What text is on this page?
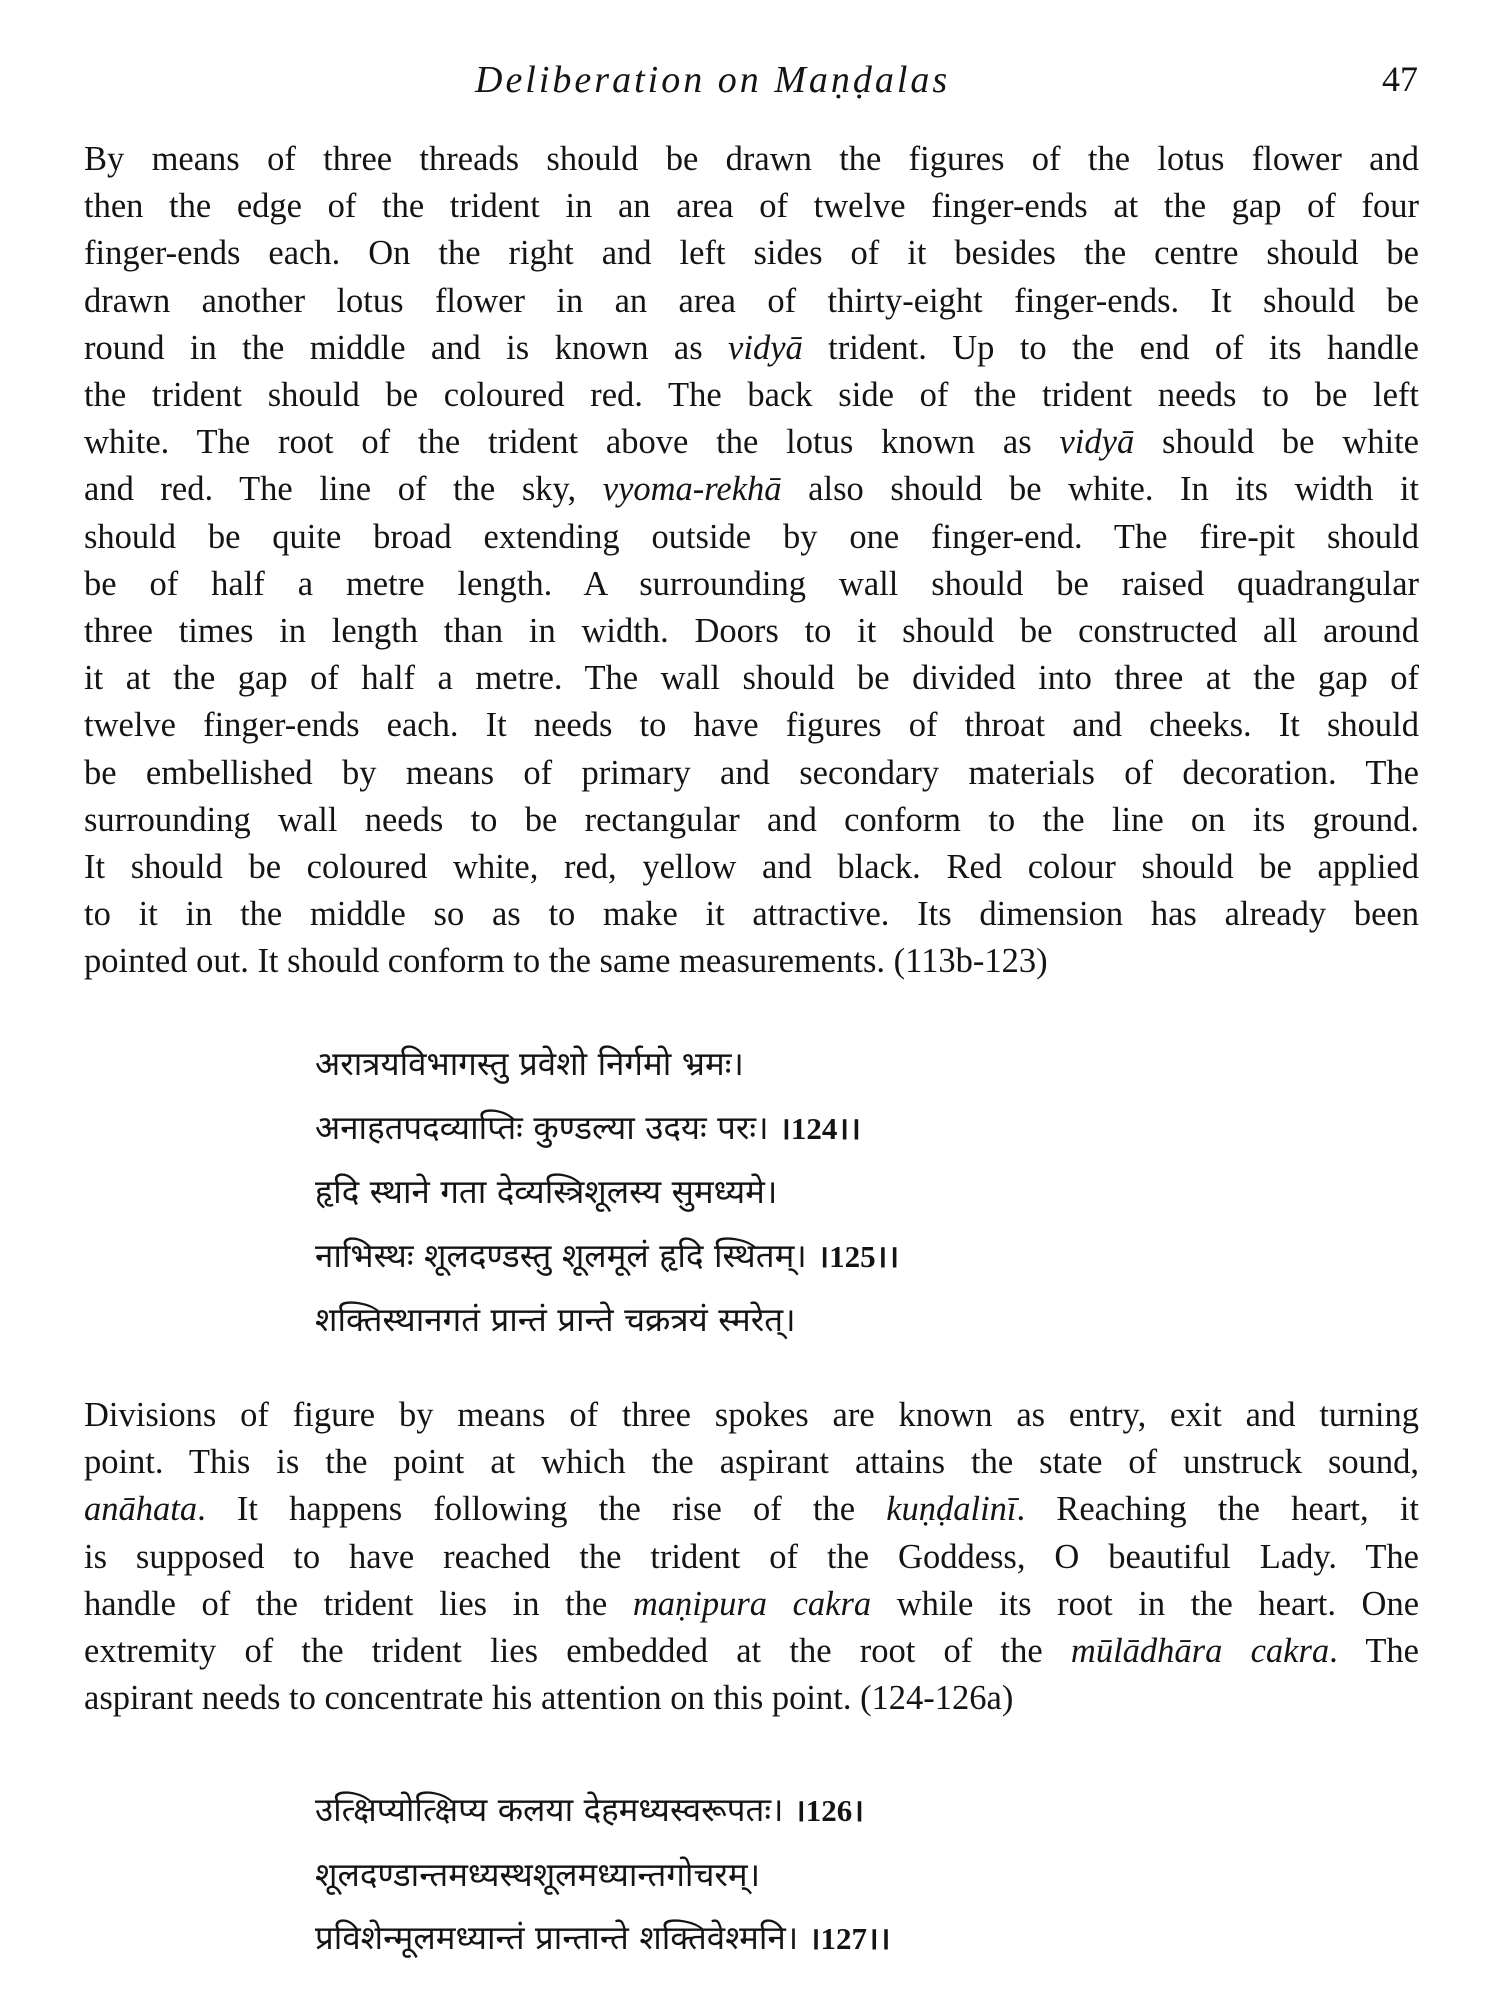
Deliberation on Maṇḍalas	47
By means of three threads should be drawn the figures of the lotus flower and
then the edge of the trident in an area of twelve finger-ends at the gap of four
finger-ends each. On the right and left sides of it besides the centre should be
drawn another lotus flower in an area of thirty-eight finger-ends. It should be
round in the middle and is known as vidyā trident. Up to the end of its handle
the trident should be coloured red. The back side of the trident needs to be left
white. The root of the trident above the lotus known as vidyā should be white
and red. The line of the sky, vyoma-rekhā also should be white. In its width it
should be quite broad extending outside by one finger-end. The fire-pit should
be of half a metre length. A surrounding wall should be raised quadrangular
three times in length than in width. Doors to it should be constructed all around
it at the gap of half a metre. The wall should be divided into three at the gap of
twelve finger-ends each. It needs to have figures of throat and cheeks. It should
be embellished by means of primary and secondary materials of decoration. The
surrounding wall needs to be rectangular and conform to the line on its ground.
It should be coloured white, red, yellow and black. Red colour should be applied
to it in the middle so as to make it attractive. Its dimension has already been
pointed out. It should conform to the same measurements. (113b-123)
अरात्रयविभागस्तु प्रवेशो निर्गमो भ्रमः।
अनाहतपदव्याप्तिः कुण्डल्या उदयः परः। ।124।।
हृदि स्थाने गता देव्यस्त्रिशूलस्य सुमध्यमे।
नाभिस्थः शूलदण्डस्तु शूलमूलं हृदि स्थितम्। ।125।।
शक्तिस्थानगतं प्रान्तं प्रान्ते चक्रत्रयं स्मरेत्।
Divisions of figure by means of three spokes are known as entry, exit and turning
point. This is the point at which the aspirant attains the state of unstruck sound,
anāhata. It happens following the rise of the kuṇḍalinī. Reaching the heart, it
is supposed to have reached the trident of the Goddess, O beautiful Lady. The
handle of the trident lies in the maṇipura cakra while its root in the heart. One
extremity of the trident lies embedded at the root of the mūlādhāra cakra. The
aspirant needs to concentrate his attention on this point. (124-126a)
उत्क्षिप्योत्क्षिप्य कलया देहमध्यस्वरूपतः। ।126।
शूलदण्डान्तमध्यस्थशूलमध्यान्तगोचरम्।
प्रविशेन्मूलमध्यान्तं प्रान्तान्ते शक्तिवेश्मनि। ।127।।
